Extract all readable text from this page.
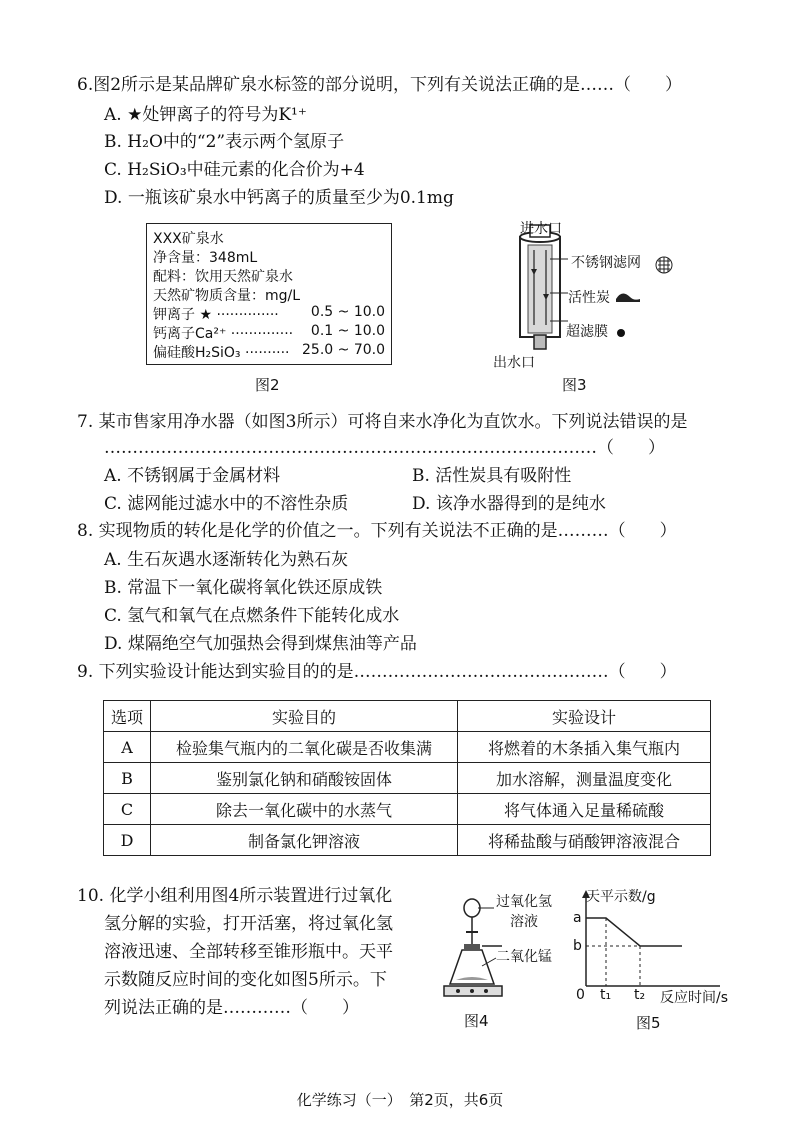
6.图2所示是某品牌矿泉水标签的部分说明，下列有关说法正确的是……（　　）
A. ★处钾离子的符号为K¹⁺
B. H₂O中的“2”表示两个氢原子
C. H₂SiO₃中硅元素的化合价为+4
D. 一瓶该矿泉水中钙离子的质量至少为0.1mg
XXX矿泉水
净含量：348mL
配料：饮用天然矿泉水
天然矿物质含量：mg/L
钾离子 ★ ·············· 0.5 ~ 10.0
钙离子Ca²⁺ ·············· 0.1 ~ 10.0
偏硅酸H₂SiO₃ ·········· 25.0 ~ 70.0
图2
进水口
不锈钢滤网
活性炭
超滤膜
出水口
图3
7. 某市售家用净水器（如图3所示）可将自来水净化为直饮水。下列说法错误的是
……………………………………………………………………………（　　）
A. 不锈钢属于金属材料	B. 活性炭具有吸附性
C. 滤网能过滤水中的不溶性杂质	D. 该净水器得到的是纯水
8. 实现物质的转化是化学的价值之一。下列有关说法不正确的是………（　　）
A. 生石灰遇水逐渐转化为熟石灰
B. 常温下一氧化碳将氧化铁还原成铁
C. 氢气和氧气在点燃条件下能转化成水
D. 煤隔绝空气加强热会得到煤焦油等产品
9. 下列实验设计能达到实验目的的是………………………………………（　　）
选项	实验目的	实验设计
A	检验集气瓶内的二氧化碳是否收集满	将燃着的木条插入集气瓶内
B	鉴别氯化钠和硝酸铵固体	加水溶解，测量温度变化
C	除去一氧化碳中的水蒸气	将气体通入足量稀硫酸
D	制备氯化钾溶液	将稀盐酸与硝酸钾溶液混合
10. 化学小组利用图4所示装置进行过氧化
氢分解的实验，打开活塞，将过氧化氢
溶液迅速、全部转移至锥形瓶中。天平
示数随反应时间的变化如图5所示。下
列说法正确的是…………（　　）
过氧化氢
溶液
二氧化锰
图4
天平示数/g
a
b
0 t₁ t₂ 反应时间/s
图5
化学练习（一）　第2页，共6页
